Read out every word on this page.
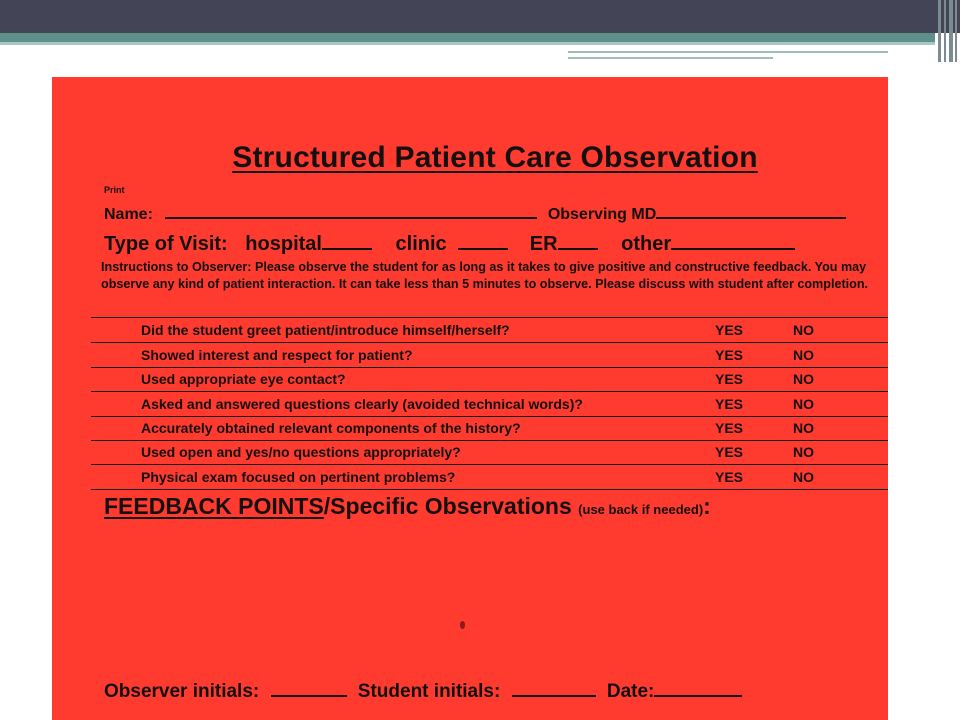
Structured Patient Care Observation
Print
Name:	Observing MD
Type of Visit: hospital	clinic	ER	other
Instructions to Observer: Please observe the student for as long as it takes to give positive and constructive feedback. You may observe any kind of patient interaction. It can take less than 5 minutes to observe. Please discuss with student after completion.
Did the student greet patient/introduce himself/herself?	YES	NO
Showed interest and respect for patient?	YES	NO
Used appropriate eye contact?	YES	NO
Asked and answered questions clearly (avoided technical words)?	YES	NO
Accurately obtained relevant components of the history?	YES	NO
Used open and yes/no questions appropriately?	YES	NO
Physical exam focused on pertinent problems?	YES	NO
FEEDBACK POINTS/Specific Observations (use back if needed):
Observer initials:	Student initials:	Date:
